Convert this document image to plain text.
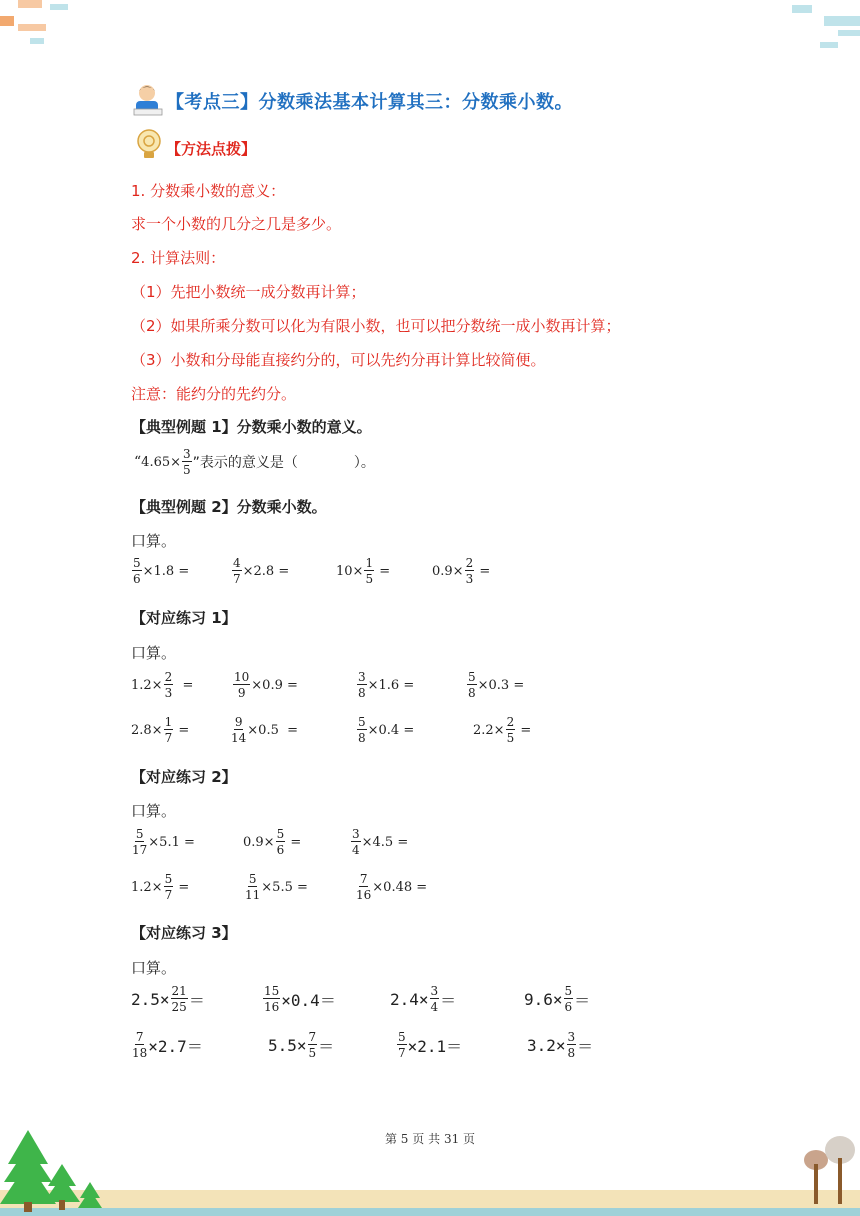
【考点三】分数乘法基本计算其三：分数乘小数。
【方法点拨】
1. 分数乘小数的意义：
求一个小数的几分之几是多少。
2. 计算法则：
（1）先把小数统一成分数再计算；
（2）如果所乘分数可以化为有限小数，也可以把分数统一成小数再计算；
（3）小数和分母能直接约分的，可以先约分再计算比较简便。
注意：能约分的先约分。
【典型例题 1】分数乘小数的意义。
“ $4.65\times \frac{3}{5}$ ”表示的意义是（　　　　）。
【典型例题 2】分数乘小数。
口算。
$\frac{5}{6} \times 1.8$ =	$\frac{4}{7} \times 2.8$ =	$10\times \frac{1}{5}$ =	$0.9\times \frac{2}{3}$ =
【对应练习 1】
口算。
$1.2\times \frac{2}{3}$ =	$\frac{10}{9} \times 0.9$ =	$\frac{3}{8} \times 1.6$ =	$\frac{5}{8} \times 0.3$ =
$2.8\times \frac{1}{7}$ =	$\frac{9}{14} \times 0.5$  =	$\frac{5}{8} \times 0.4$ =	$2.2\times \frac{2}{5}$ =
【对应练习 2】
口算。
$\frac{5}{17} \times 5.1$ =	$0.9\times \frac{5}{6}$ =	$\frac{3}{4} \times 4.5$ =
$1.2\times \frac{5}{7}$ =	$\frac{5}{11} \times 5.5$ =	$\frac{7}{16} \times 0.48$ =
【对应练习 3】
口算。
$2.5\times \frac{21}{25}$ ＝	$\frac{15}{16} \times 0.4=$	$2.4\times \frac{3}{4}$ ＝	$9.6\times \frac{5}{6}$ ＝
$\frac{7}{18} \times 2.7=$	$5.5\times \frac{7}{5}$ ＝	$\frac{5}{7} \times 2.1=$	$3.2\times \frac{3}{8}$ ＝
第 5 页 共 31 页
